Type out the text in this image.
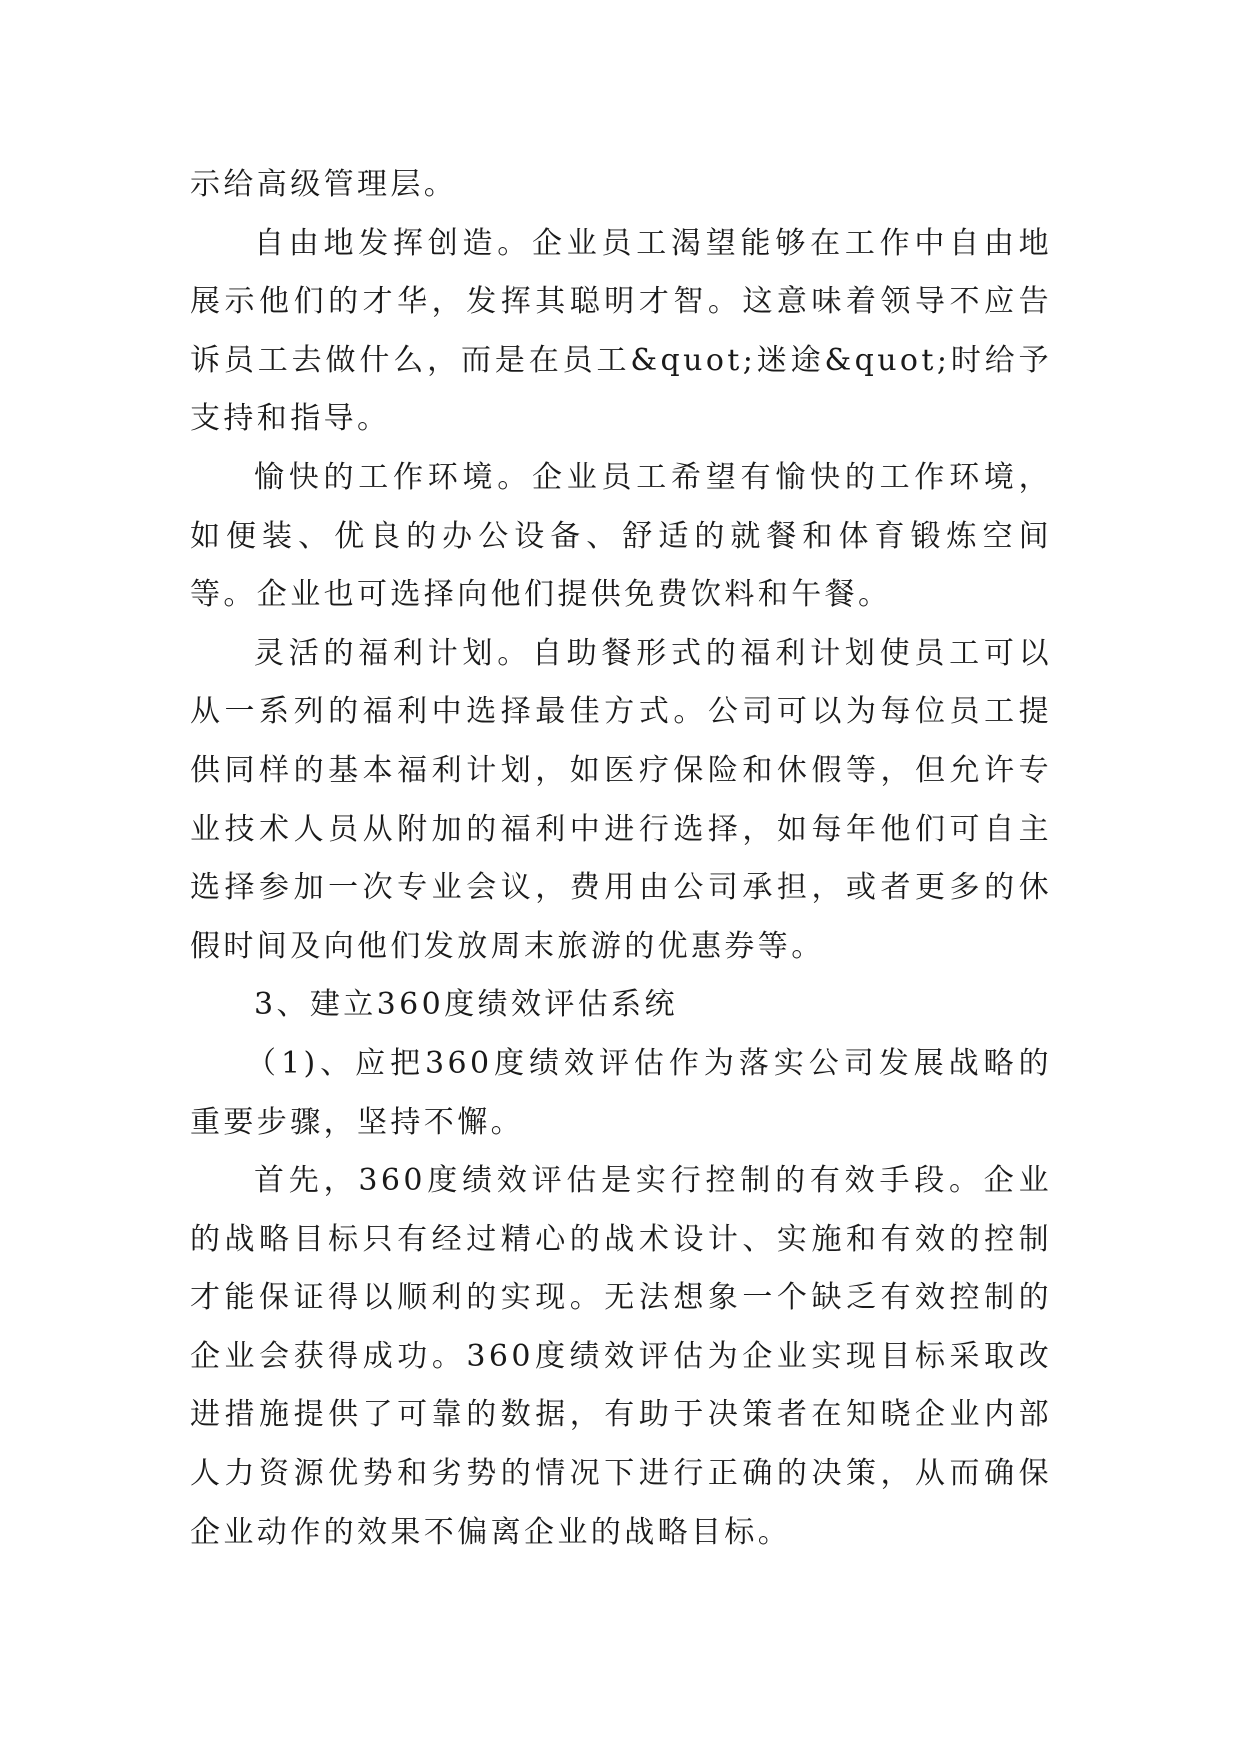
示给高级管理层。

自由地发挥创造。企业员工渴望能够在工作中自由地展示他们的才华，发挥其聪明才智。这意味着领导不应告诉员工去做什么，而是在员工&quot;迷途&quot;时给予支持和指导。

愉快的工作环境。企业员工希望有愉快的工作环境，如便装、优良的办公设备、舒适的就餐和体育锻炼空间等。企业也可选择向他们提供免费饮料和午餐。

灵活的福利计划。自助餐形式的福利计划使员工可以从一系列的福利中选择最佳方式。公司可以为每位员工提供同样的基本福利计划，如医疗保险和休假等，但允许专业技术人员从附加的福利中进行选择，如每年他们可自主选择参加一次专业会议，费用由公司承担，或者更多的休假时间及向他们发放周末旅游的优惠券等。

3、建立360度绩效评估系统

（1)、应把360度绩效评估作为落实公司发展战略的重要步骤，坚持不懈。

首先，360度绩效评估是实行控制的有效手段。企业的战略目标只有经过精心的战术设计、实施和有效的控制才能保证得以顺利的实现。无法想象一个缺乏有效控制的企业会获得成功。360度绩效评估为企业实现目标采取改进措施提供了可靠的数据，有助于决策者在知晓企业内部人力资源优势和劣势的情况下进行正确的决策，从而确保企业动作的效果不偏离企业的战略目标。
